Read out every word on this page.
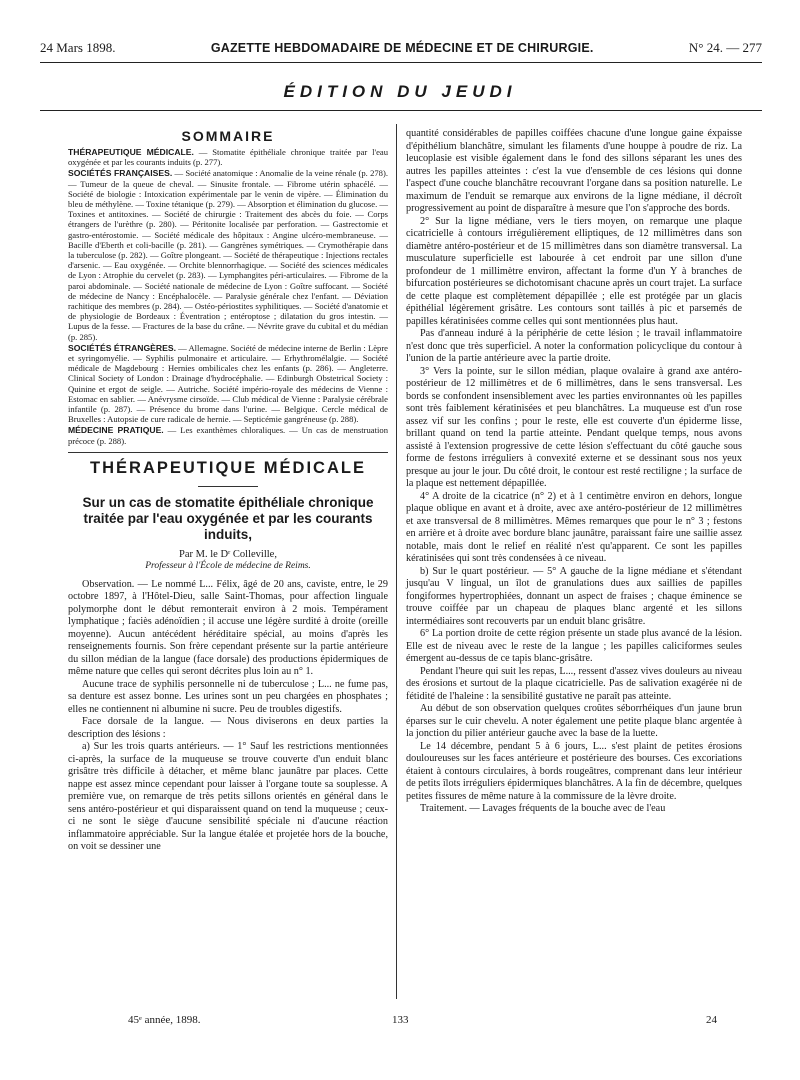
24 Mars 1898.	GAZETTE HEBDOMADAIRE DE MÉDECINE ET DE CHIRURGIE.	N° 24. — 277
ÉDITION DU JEUDI
SOMMAIRE

THÉRAPEUTIQUE MÉDICALE. — Stomatite épithéliale chronique traitée par l'eau oxygénée et par les courants induits (p. 277).

SOCIÉTÉS FRANÇAISES. — Société anatomique : Anomalie de la veine rénale (p. 278). — Tumeur de la queue de cheval. — Sinusite frontale. — Fibrome utérin sphacélé. — Société de biologie : Intoxication expérimentale par le venin de vipère. — Élimination du bleu de méthylène. — Toxine tétanique (p. 279). — Absorption et élimination du glucose. — Toxines et antitoxines. — Société de chirurgie : Traitement des abcès du foie. — Corps étrangers de l'urèthre (p. 280). — Péritonite localisée par perforation. — Gastrectomie et gastro-entérostomie. — Société médicale des hôpitaux : Angine ulcéro-membraneuse. — Bacille d'Eberth et coli-bacille (p. 281). — Gangrènes symétriques. — Crymothérapie dans la tuberculose (p. 282). — Goître plongeant. — Société de thérapeutique : Injections rectales d'arsenic. — Eau oxygénée. — Orchite blennorrhagique. — Société des sciences médicales de Lyon : Atrophie du cervelet (p. 283). — Lymphangites péri-articulaires. — Fibrome de la paroi abdominale. — Société nationale de médecine de Lyon : Goître suffocant. — Société de médecine de Nancy : Encéphalocèle. — Paralysie générale chez l'enfant. — Déviation rachitique des membres (p. 284). — Ostéo-périostites syphilitiques. — Société d'anatomie et de physiologie de Bordeaux : Éventration ; entéroptose ; dilatation du gros intestin. — Lupus de la fesse. — Fractures de la base du crâne. — Névrite grave du cubital et du médian (p. 285).

SOCIÉTÉS ÉTRANGÈRES. — Allemagne. Société de médecine interne de Berlin : Lèpre et syringomyélie. — Syphilis pulmonaire et articulaire. — Erhythromélalgie. — Société médicale de Magdebourg : Hernies ombilicales chez les enfants (p. 286). — Angleterre. Clinical Society of London : Drainage d'hydrocéphalie. — Edinburgh Obstetrical Society : Quinine et ergot de seigle. — Autriche. Société império-royale des médecins de Vienne : Estomac en sablier. — Anévrysme cirsoïde. — Club médical de Vienne : Paralysie cérébrale infantile (p. 287). — Présence du brome dans l'urine. — Belgique. Cercle médical de Bruxelles : Autopsie de cure radicale de hernie. — Septicémie gangréneuse (p. 288).

MÉDECINE PRATIQUE. — Les exanthèmes chloraliques. — Un cas de menstruation précoce (p. 288).

THÉRAPEUTIQUE MÉDICALE
Sur un cas de stomatite épithéliale chronique traitée par l'eau oxygénée et par les courants induits,
Par M. le Dʳ Colleville,
Professeur à l'École de médecine de Reims.

Observation. — Le nommé L... Félix, âgé de 20 ans, caviste, entre, le 29 octobre 1897, à l'Hôtel-Dieu, salle Saint-Thomas, pour affection linguale polymorphe dont le début remonterait environ à 2 mois. Tempérament lymphatique ; faciès adénoïdien ; il accuse une légère surdité à droite (oreille moyenne). Aucun antécédent héréditaire spécial, au moins d'après les renseignements fournis. Son frère cependant présente sur la partie antérieure du sillon médian de la langue (face dorsale) des productions épidermiques de même nature que celles qui seront décrites plus loin au n° 1.

Aucune trace de syphilis personnelle ni de tuberculose ; L... ne fume pas, sa denture est assez bonne. Les urines sont un peu chargées en phosphates ; elles ne contiennent ni albumine ni sucre. Peu de troubles digestifs.

Face dorsale de la langue. — Nous diviserons en deux parties la description des lésions :

a) Sur les trois quarts antérieurs. — 1° Sauf les restrictions mentionnées ci-après, la surface de la muqueuse se trouve couverte d'un enduit blanc grisâtre très difficile à détacher, et même blanc jaunâtre par places. Cette nappe est assez mince cependant pour laisser à l'organe toute sa souplesse. A première vue, on remarque de très petits sillons orientés en général dans le sens antéro-postérieur et qui disparaissent quand on tend la muqueuse ; ceux-ci ne sont le siège d'aucune sensibilité spéciale ni d'aucune réaction inflammatoire appréciable. Sur la langue étalée et projetée hors de la bouche, on voit se dessiner une

quantité considérables de papilles coiffées chacune d'une longue gaine éxpaisse d'épithélium blanchâtre, simulant les filaments d'une houppe à poudre de riz. La leucoplasie est visible également dans le fond des sillons séparant les unes des autres les papilles atteintes : c'est la vue d'ensemble de ces lésions qui donne l'aspect d'une couche blanchâtre recouvrant l'organe dans sa position naturelle. Le maximum de l'enduit se remarque aux environs de la ligne médiane, il décroît progressivement au point de disparaître à mesure que l'on s'approche des bords.

2° Sur la ligne médiane, vers le tiers moyen, on remarque une plaque cicatricielle à contours irrégulièrement elliptiques, de 12 millimètres dans son diamètre antéro-postérieur et de 15 millimètres dans son diamètre transversal. La musculature superficielle est labourée à cet endroit par une sillon d'une profondeur de 1 millimètre environ, affectant la forme d'un Y à branches de bifurcation postérieures se dichotomisant chacune après un court trajet. La surface de cette plaque est complètement dépapillée ; elle est protégée par un glacis épithélial légèrement grisâtre. Les contours sont taillés à pic et parsemés de papilles kératinisées comme celles qui sont mentionnées plus haut.

Pas d'anneau induré à la périphérie de cette lésion ; le travail inflammatoire n'est donc que très superficiel. A noter la conformation policyclique du contour à l'union de la partie antérieure avec la partie droite.

3° Vers la pointe, sur le sillon médian, plaque ovalaire à grand axe antéro-postérieur de 12 millimètres et de 6 millimètres, dans le sens transversal. Les bords se confondent insensiblement avec les parties environnantes où les papilles sont très faiblement kératinisées et peu blanchâtres. La muqueuse est d'un rose assez vif sur les confins ; pour le reste, elle est couverte d'un épiderme lisse, brillant quand on tend la partie atteinte. Pendant quelque temps, nous avons assisté à l'extension progressive de cette lésion s'effectuant du côté gauche sous forme de festons irréguliers à convexité externe et se dessinant sous nos yeux presque au jour le jour. Du côté droit, le contour est resté rectiligne ; la surface de la plaque est nettement dépapillée.

4° A droite de la cicatrice (n° 2) et à 1 centimètre environ en dehors, longue plaque oblique en avant et à droite, avec axe antéro-postérieur de 12 millimètres et axe transversal de 8 millimètres. Mêmes remarques que pour le n° 3 ; festons en arrière et à droite avec bordure blanc jaunâtre, paraissant faire une saillie assez notable, mais dont le relief en réalité n'est qu'apparent. Ce sont les papilles kératinisées qui sont très condensées à ce niveau.

b) Sur le quart postérieur. — 5° A gauche de la ligne médiane et s'étendant jusqu'au V lingual, un îlot de granulations dues aux saillies de papilles fongiformes hypertrophiées, donnant un aspect de fraises ; chaque éminence se trouve coiffée par un chapeau de plaques blanc argenté et les sillons intermédiaires sont recouverts par un enduit blanc grisâtre.

6° La portion droite de cette région présente un stade plus avancé de la lésion. Elle est de niveau avec le reste de la langue ; les papilles caliciformes seules émergent au-dessus de ce tapis blanc-grisâtre.

Pendant l'heure qui suit les repas, L..., ressent d'assez vives douleurs au niveau des érosions et surtout de la plaque cicatricielle. Pas de salivation exagérée ni de fétidité de l'haleine : la sensibilité gustative ne paraît pas atteinte.

Au début de son observation quelques croûtes séborrhéiques d'un jaune brun éparses sur le cuir chevelu. A noter également une petite plaque blanc argentée à la jonction du pilier antérieur gauche avec la base de la luette.

Le 14 décembre, pendant 5 à 6 jours, L... s'est plaint de petites érosions douloureuses sur les faces antérieure et postérieure des bourses. Ces excoriations étaient à contours circulaires, à bords rougeâtres, comprenant dans leur intérieur de petits îlots irréguliers épidermiques blanchâtres. A la fin de décembre, quelques petites fissures de même nature à la commissure de la lèvre droite.

Traitement. — Lavages fréquents de la bouche avec de l'eau

45ᵉ année, 1898.	133	24
